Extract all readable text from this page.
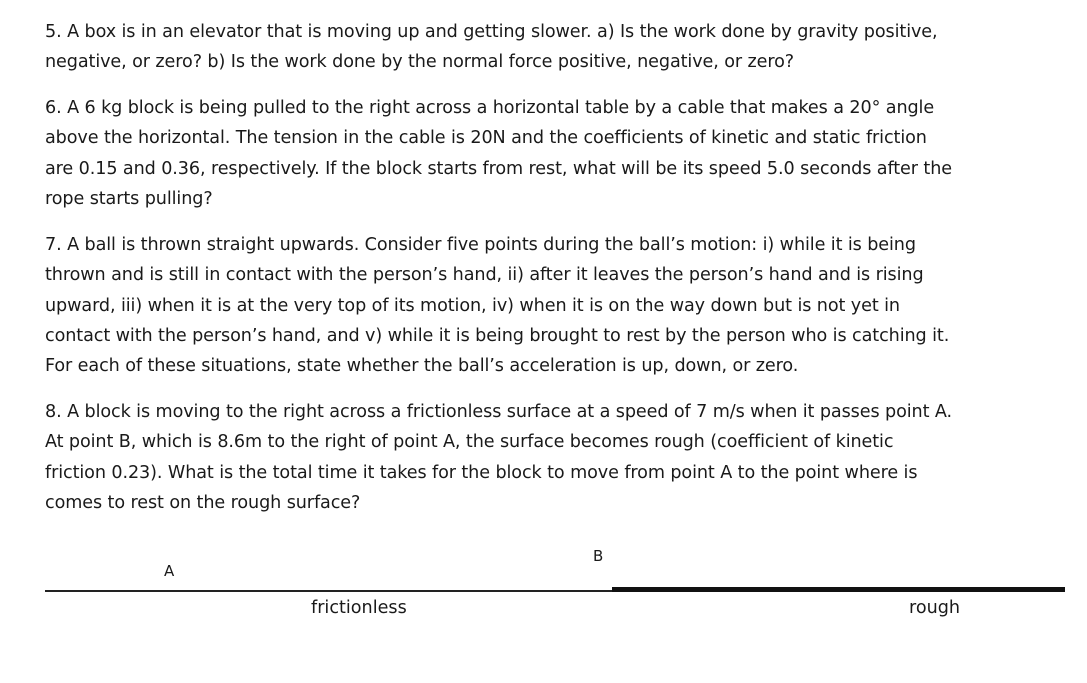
5. A box is in an elevator that is moving up and getting slower. a) Is the work done by gravity positive,
negative, or zero? b) Is the work done by the normal force positive, negative, or zero?
6. A 6 kg block is being pulled to the right across a horizontal table by a cable that makes a 20° angle
above the horizontal. The tension in the cable is 20N and the coefficients of kinetic and static friction
are 0.15 and 0.36, respectively. If the block starts from rest, what will be its speed 5.0 seconds after the
rope starts pulling?
7. A ball is thrown straight upwards. Consider five points during the ball’s motion: i) while it is being
thrown and is still in contact with the person’s hand, ii) after it leaves the person’s hand and is rising
upward, iii) when it is at the very top of its motion, iv) when it is on the way down but is not yet in
contact with the person’s hand, and v) while it is being brought to rest by the person who is catching it.
For each of these situations, state whether the ball’s acceleration is up, down, or zero.
8. A block is moving to the right across a frictionless surface at a speed of 7 m/s when it passes point A.
At point B, which is 8.6m to the right of point A, the surface becomes rough (coefficient of kinetic
friction 0.23). What is the total time it takes for the block to move from point A to the point where is
comes to rest on the rough surface?
A
B
frictionless	rough
